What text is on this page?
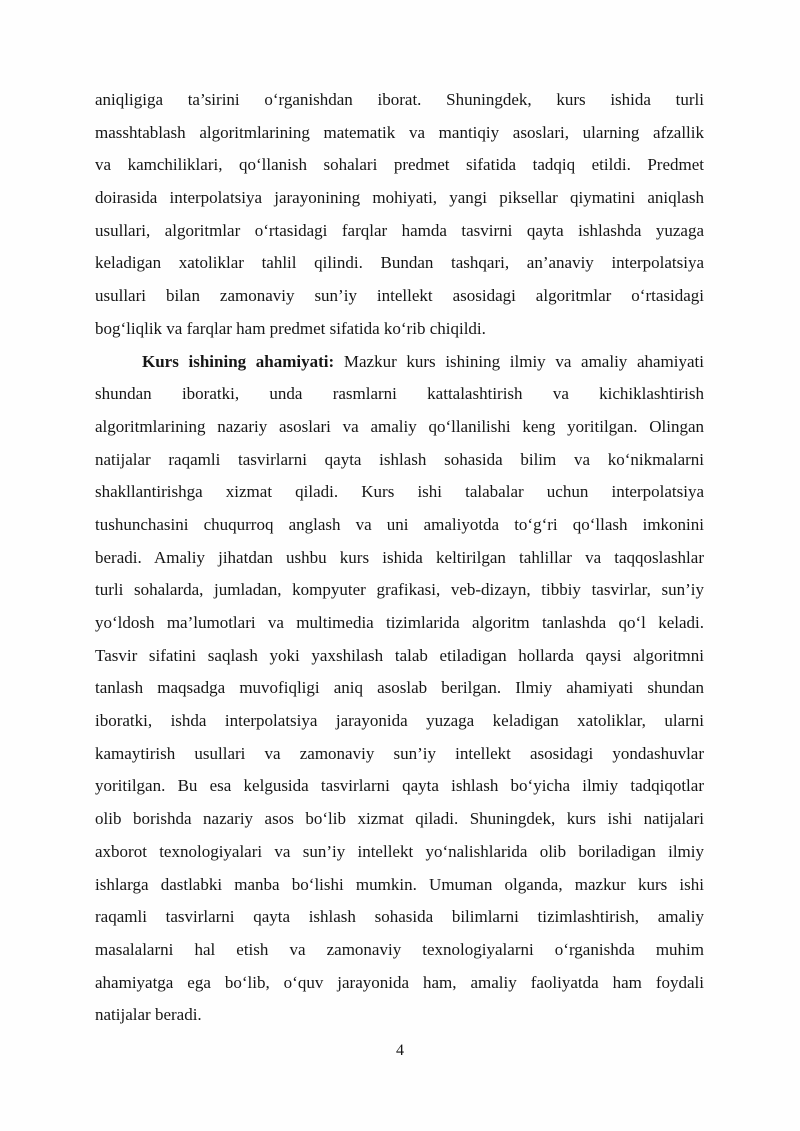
aniqligiga ta’sirini o‘rganishdan iborat. Shuningdek, kurs ishida turli
masshtablash algoritmlarining matematik va mantiqiy asoslari, ularning afzallik
va kamchiliklari, qo‘llanish sohalari predmet sifatida tadqiq etildi. Predmet
doirasida interpolatsiya jarayonining mohiyati, yangi piksellar qiymatini aniqlash
usullari, algoritmlar o‘rtasidagi farqlar hamda tasvirni qayta ishlashda yuzaga
keladigan xatoliklar tahlil qilindi. Bundan tashqari, an’anaviy interpolatsiya
usullari bilan zamonaviy sun’iy intellekt asosidagi algoritmlar o‘rtasidagi
bog‘liqlik va farqlar ham predmet sifatida ko‘rib chiqildi.
Kurs ishining ahamiyati: Mazkur kurs ishining ilmiy va amaliy ahamiyati
shundan iboratki, unda rasmlarni kattalashtirish va kichiklashtirish
algoritmlarining nazariy asoslari va amaliy qo‘llanilishi keng yoritilgan. Olingan
natijalar raqamli tasvirlarni qayta ishlash sohasida bilim va ko‘nikmalarni
shakllantirishga xizmat qiladi. Kurs ishi talabalar uchun interpolatsiya
tushunchasini chuqurroq anglash va uni amaliyotda to‘g‘ri qo‘llash imkonini
beradi. Amaliy jihatdan ushbu kurs ishida keltirilgan tahlillar va taqqoslashlar
turli sohalarda, jumladan, kompyuter grafikasi, veb-dizayn, tibbiy tasvirlar, sun’iy
yo‘ldosh ma’lumotlari va multimedia tizimlarida algoritm tanlashda qo‘l keladi.
Tasvir sifatini saqlash yoki yaxshilash talab etiladigan hollarda qaysi algoritmni
tanlash maqsadga muvofiqligi aniq asoslab berilgan. Ilmiy ahamiyati shundan
iboratki, ishda interpolatsiya jarayonida yuzaga keladigan xatoliklar, ularni
kamaytirish usullari va zamonaviy sun’iy intellekt asosidagi yondashuvlar
yoritilgan. Bu esa kelgusida tasvirlarni qayta ishlash bo‘yicha ilmiy tadqiqotlar
olib borishda nazariy asos bo‘lib xizmat qiladi. Shuningdek, kurs ishi natijalari
axborot texnologiyalari va sun’iy intellekt yo‘nalishlarida olib boriladigan ilmiy
ishlarga dastlabki manba bo‘lishi mumkin. Umuman olganda, mazkur kurs ishi
raqamli tasvirlarni qayta ishlash sohasida bilimlarni tizimlashtirish, amaliy
masalalarni hal etish va zamonaviy texnologiyalarni o‘rganishda muhim
ahamiyatga ega bo‘lib, o‘quv jarayonida ham, amaliy faoliyatda ham foydali
natijalar beradi.
4
